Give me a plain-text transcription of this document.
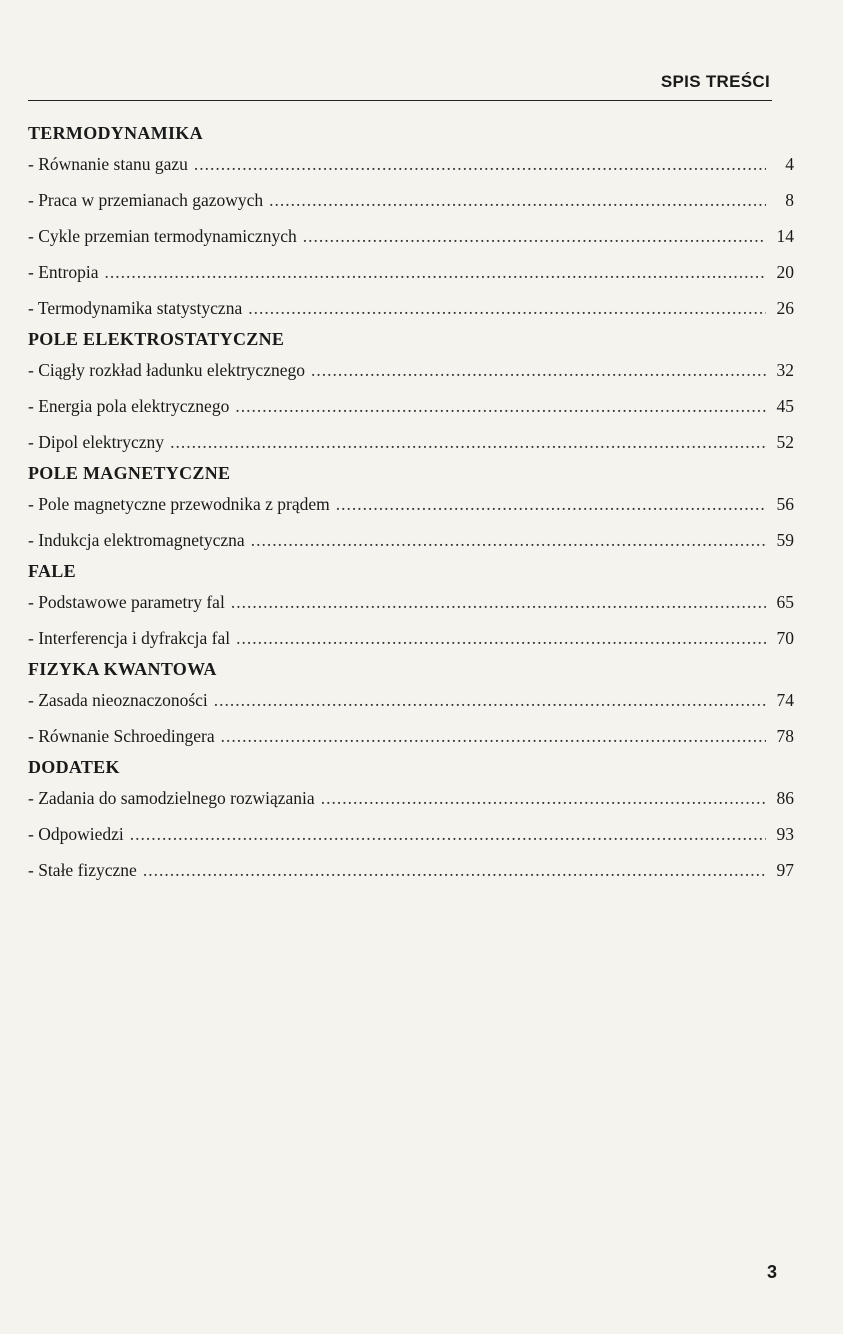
SPIS TREŚCI
TERMODYNAMIKA
- Równanie stanu gazu .....	4
- Praca w przemianach gazowych .....	8
- Cykle przemian termodynamicznych .....	14
- Entropia .....	20
- Termodynamika statystyczna .....	26
POLE ELEKTROSTATYCZNE
- Ciągły rozkład ładunku elektrycznego .....	32
- Energia pola elektrycznego .....	45
- Dipol elektryczny .....	52
POLE MAGNETYCZNE
- Pole magnetyczne przewodnika z prądem .....	56
- Indukcja elektromagnetyczna .....	59
FALE
- Podstawowe parametry fal .....	65
- Interferencja i dyfrakcja fal .....	70
FIZYKA KWANTOWA
- Zasada nieoznaczoności .....	74
- Równanie Schroedingera .....	78
DODATEK
- Zadania do samodzielnego rozwiązania .....	86
- Odpowiedzi .....	93
- Stałe fizyczne .....	97
3
